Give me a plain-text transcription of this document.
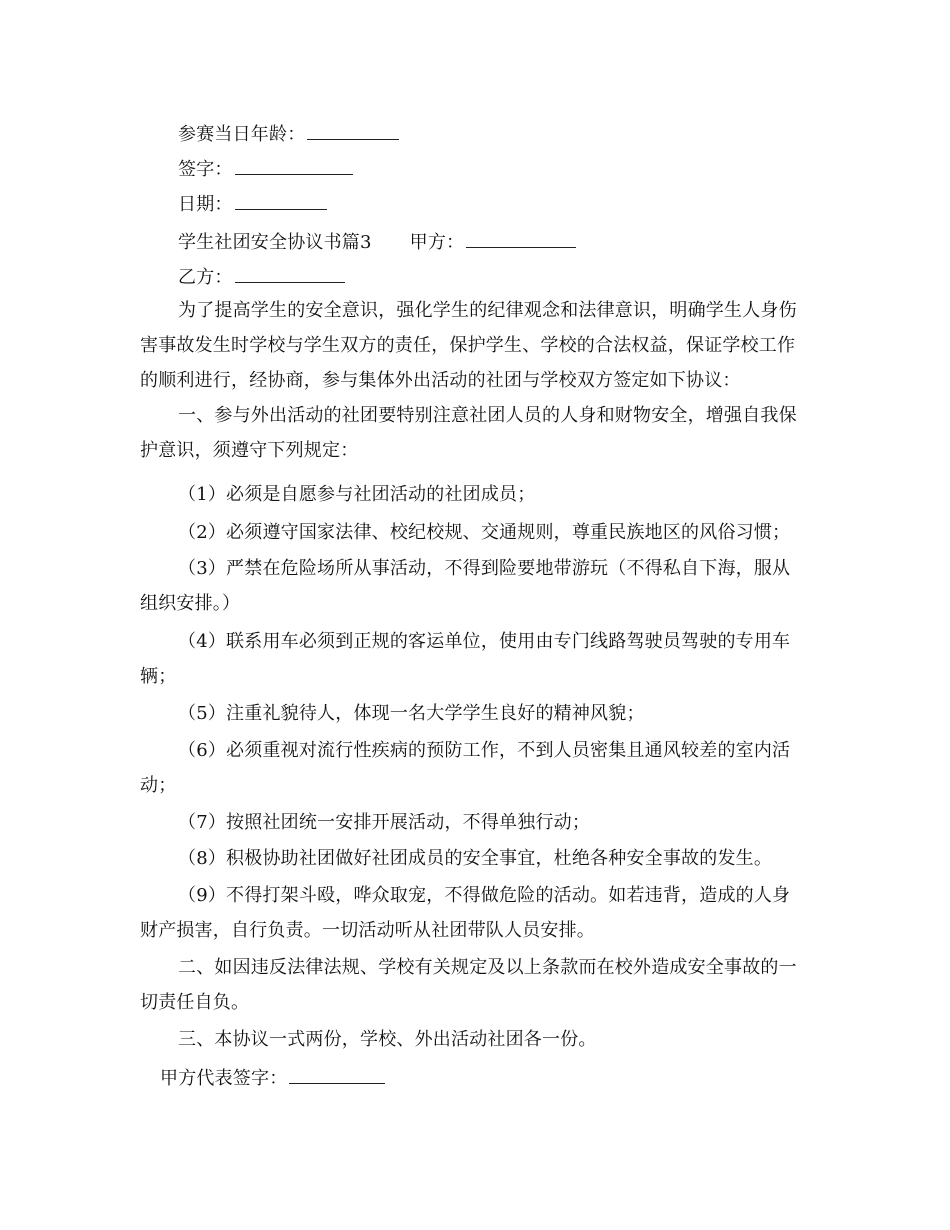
参赛当日年龄：
签字：
日期：
学生社团安全协议书篇3 甲方：
乙方：
为了提高学生的安全意识，强化学生的纪律观念和法律意识，明确学生人身伤
害事故发生时学校与学生双方的责任，保护学生、学校的合法权益，保证学校工作
的顺利进行，经协商，参与集体外出活动的社团与学校双方签定如下协议：
一、参与外出活动的社团要特别注意社团人员的人身和财物安全，增强自我保
护意识，须遵守下列规定：
（1）必须是自愿参与社团活动的社团成员；
（2）必须遵守国家法律、校纪校规、交通规则，尊重民族地区的风俗习惯；
（3）严禁在危险场所从事活动，不得到险要地带游玩（不得私自下海，服从
组织安排。）
（4）联系用车必须到正规的客运单位，使用由专门线路驾驶员驾驶的专用车
辆；
（5）注重礼貌待人，体现一名大学学生良好的精神风貌；
（6）必须重视对流行性疾病的预防工作，不到人员密集且通风较差的室内活
动；
（7）按照社团统一安排开展活动，不得单独行动；
（8）积极协助社团做好社团成员的安全事宜，杜绝各种安全事故的发生。
（9）不得打架斗殴，哗众取宠，不得做危险的活动。如若违背，造成的人身
财产损害，自行负责。一切活动听从社团带队人员安排。
二、如因违反法律法规、学校有关规定及以上条款而在校外造成安全事故的一
切责任自负。
三、本协议一式两份，学校、外出活动社团各一份。
甲方代表签字：
